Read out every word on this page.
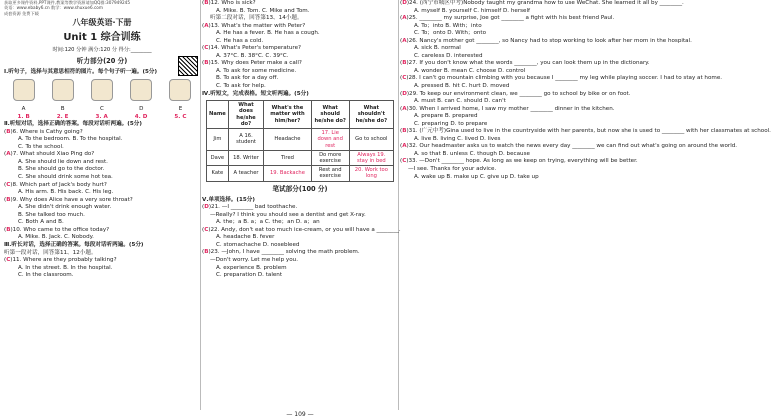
获取更多课件资料,PPT课件,教案等教学资源请加QQ群:307949245
英语：www.ebaby6.cn 数学：www.shuxue6.com
成套资源 免费下载
八年级英语·下册
Unit 1 综合训练
时间:120 分钟 满分:120 分 得分:________
听力部分(20 分)
Ⅰ.听句子，选择与其意思相符的图片。每个句子听一遍。(5分)
A	B	C	D	E
1. B	2. E	3. A	4. D	5. C
Ⅱ.听短对话，选择正确的答案。每段对话听两遍。(5分)
(B)6. Where is Cathy going?
A. To the bedroom. B. To the hospital.
C. To the school.
(A)7. What should Xiao Ping do?
A. She should lie down and rest.
B. She should go to the doctor.
C. She should drink some hot tea.
(C)8. Which part of Jack's body hurt?
A. His arm. B. His back. C. His leg.
(B)9. Why does Alice have a very sore throat?
A. She didn't drink enough water.
B. She talked too much.
C. Both A and B.
(B)10. Who came to the office today?
A. Mike. B. Jack. C. Nobody.
Ⅲ.听长对话，选择正确的答案。每段对话听两遍。(5分)
听第一段对话，回答第11、12小题。
(C)11. Where are they probably talking?
A. In the street. B. In the hospital.
C. In the classroom.
(B)12. Who is sick?
A. Mike. B. Tom. C. Mike and Tom.
听第二段对话，回答第13、14小题。
(A)13. What's the matter with Peter?
A. He has a fever. B. He has a cough.
C. He has a cold.
(C)14. What's Peter's temperature?
A. 37°C. B. 38°C. C. 39°C.
(B)15. Why does Peter make a call?
A. To ask for some medicine.
B. To ask for a day off.
C. To ask for help.
Ⅳ.听短文，完成表格。短文听两遍。(5分)
Name	What does he/she do?	What's the matter with him/her?	What should he/she do?	What shouldn't he/she do?
Jim	A 16. student	Headache	17. Lie down and rest	Go to school
Dave	18. Writer	Tired	Do more exercise	Always 19. stay in bed
Kate	A teacher	19. Backache	Rest and exercise	20. Work too long
笔试部分(100 分)
Ⅴ.单项选择。(15分)
(D)21. —I ________ bad toothache.
—Really? I think you should see a dentist and get X-ray.
A. the；a B. a；a C. the；an D. a；an
(C)22. Andy, don't eat too much ice-cream, or you will have a ________.
A. headache B. fever
C. stomachache D. nosebleed
(B)23. —John, I have ________ solving the math problem.
—Don't worry. Let me help you.
A. experience B. problem
C. preparation D. talent
(D)24. (西宁市城区中考)Nobody taught my grandma how to use WeChat. She learned it all by ________.
A. myself B. yourself C. himself D. herself
(A)25. ________ my surprise, Joe got ________ a fight with his best friend Paul.
A. To；into B. With；into
C. To；onto D. With；onto
(A)26. Nancy's mother got ________, so Nancy had to stop working to look after her mom in the hospital.
A. sick B. normal
C. careless D. interested
(B)27. If you don't know what the words ________, you can look them up in the dictionary.
A. wonder B. mean C. choose D. control
(C)28. I can't go mountain climbing with you because I ________ my leg while playing soccer. I had to stay at home.
A. pressed B. hit C. hurt D. moved
(D)29. To keep our environment clean, we ________ go to school by bike or on foot.
A. must B. can C. should D. can't
(A)30. When I arrived home, I saw my mother ________ dinner in the kitchen.
A. prepare B. prepared
C. preparing D. to prepare
(B)31. (广元中考)Gina used to live in the countryside with her parents, but now she is used to ________ with her classmates at school.
A. live B. living C. lived D. lives
(A)32. Our headmaster asks us to watch the news every day ________ we can find out what's going on around the world.
A. so that B. unless C. though D. because
(C)33. —Don't ________ hope. As long as we keep on trying, everything will be better.
—I see. Thanks for your advice.
A. wake up B. make up C. give up D. take up
— 109 —
